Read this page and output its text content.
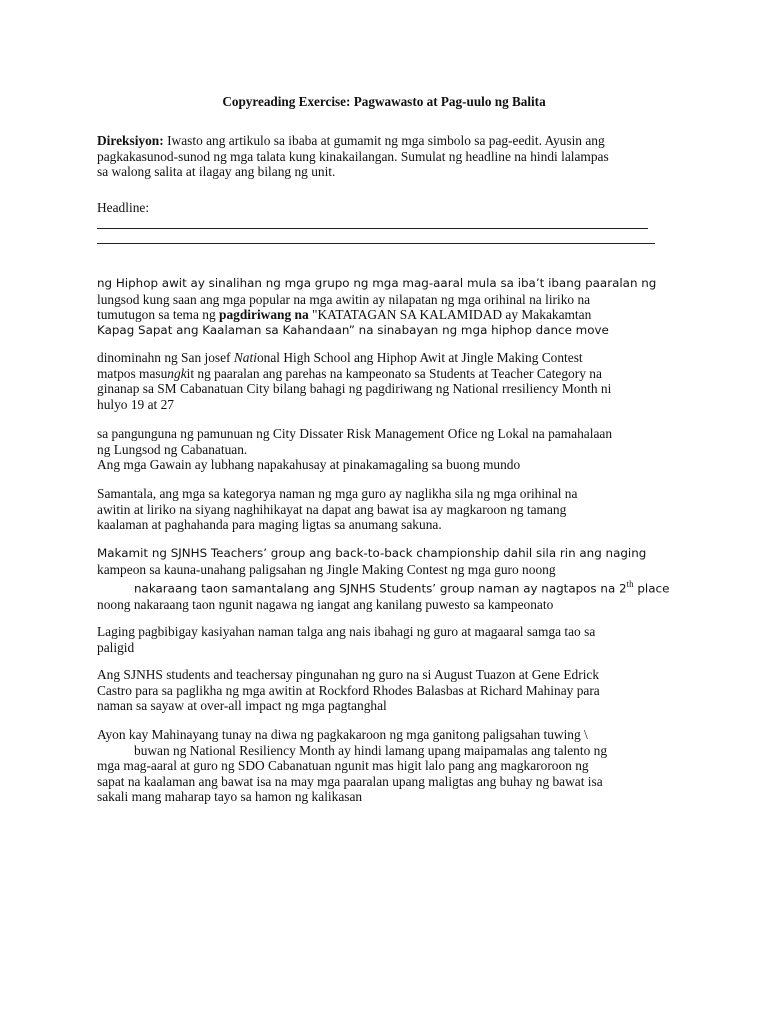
Copyreading Exercise: Pagwawasto at Pag-uulo ng Balita
Direksiyon: Iwasto ang artikulo sa ibaba at gumamit ng mga simbolo sa pag-eedit. Ayusin ang
pagkakasunod-sunod ng mga talata kung kinakailangan. Sumulat ng headline na hindi lalampas
sa walong salita at ilagay ang bilang ng unit.
Headline:
ng Hiphop awit ay sinalihan ng mga grupo ng mga mag-aaral mula sa iba’t ibang paaralan ng
lungsod kung saan ang mga popular na mga awitin ay nilapatan ng mga orihinal na liriko na
tumutugon sa tema ng pagdiriwang na "KATATAGAN SA KALAMIDAD ay Makakamtan
Kapag Sapat ang Kaalaman sa Kahandaan” na sinabayan ng mga hiphop dance move
dinominahn ng San josef National High School ang Hiphop Awit at Jingle Making Contest
matpos masungkit ng paaralan ang parehas na kampeonato sa Students at Teacher Category na
ginanap sa SM Cabanatuan City bilang bahagi ng pagdiriwang ng National rresiliency Month ni
hulyo 19 at 27
sa pangunguna ng pamunuan ng City Dissater Risk Management Ofice ng Lokal na pamahalaan
ng Lungsod ng Cabanatuan.
Ang mga Gawain ay lubhang napakahusay at pinakamagaling sa buong mundo
Samantala, ang mga sa kategorya naman ng mga guro ay naglikha sila ng mga orihinal na
awitin at liriko na siyang naghihikayat na dapat ang bawat isa ay magkaroon ng tamang
kaalaman at paghahanda para maging ligtas sa anumang sakuna.
Makamit ng SJNHS Teachers’ group ang back-to-back championship dahil sila rin ang naging
kampeon sa kauna-unahang paligsahan ng Jingle Making Contest ng mga guro noong
nakaraang taon samantalang ang SJNHS Students’ group naman ay nagtapos na 2th place
noong nakaraang taon ngunit nagawa ng iangat ang kanilang puwesto sa kampeonato
Laging pagbibigay kasiyahan naman talga ang nais ibahagi ng guro at magaaral samga tao sa
paligid
Ang SJNHS students and teachersay pingunahan ng guro na si August Tuazon at Gene Edrick
Castro para sa paglikha ng mga awitin at Rockford Rhodes Balasbas at Richard Mahinay para
naman sa sayaw at over-all impact ng mga pagtanghal
Ayon kay Mahinayang tunay na diwa ng pagkakaroon ng mga ganitong paligsahan tuwing \
buwan ng National Resiliency Month ay hindi lamang upang maipamalas ang talento ng
mga mag-aaral at guro ng SDO Cabanatuan ngunit mas higit lalo pang ang magkaroroon ng
sapat na kaalaman ang bawat isa na may mga paaralan upang maligtas ang buhay ng bawat isa
sakali mang maharap tayo sa hamon ng kalikasan
